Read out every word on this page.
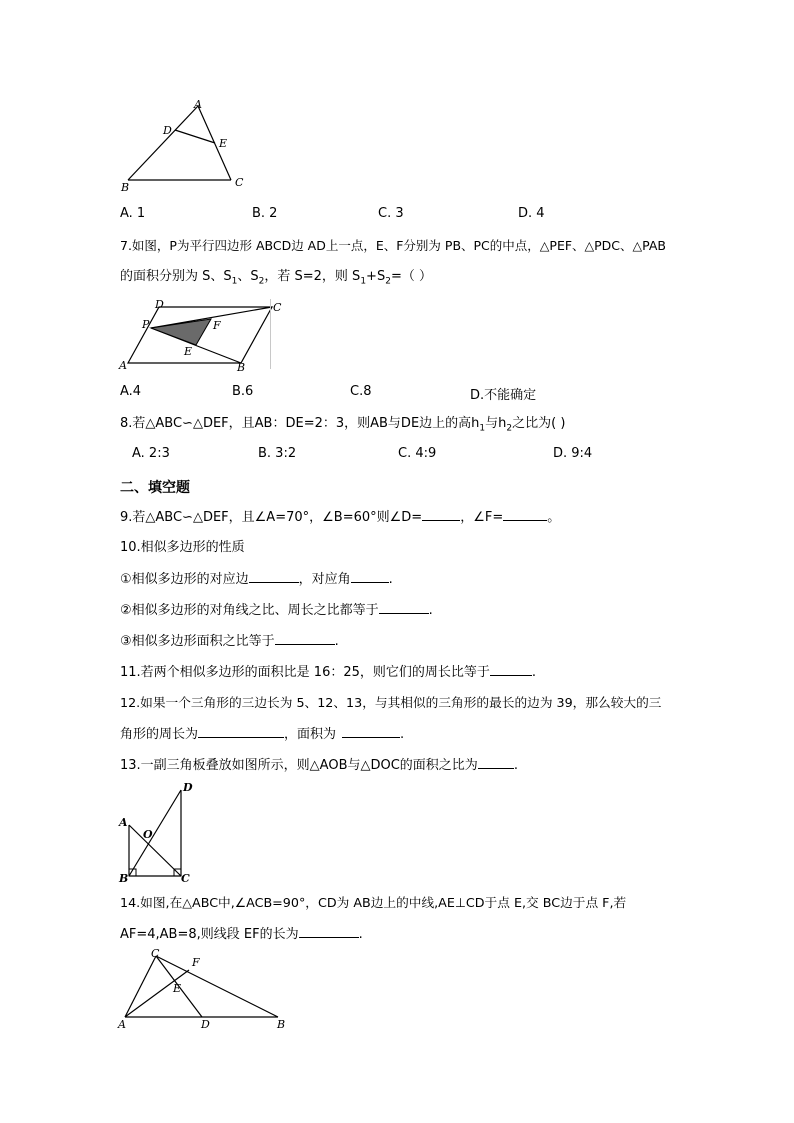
A
B	C
D
E
A. 1	B. 2	C. 3	D. 4
7.如图，P为平行四边形 ABCD边 AD上一点，E、F分别为 PB、PC的中点，△PEF、△PDC、△PAB
的面积分别为 S、$S_1$、$S_2$，若 S=2，则 $S_1+S_2=$（ ）
D	C
P	F
E
A	B
A.4	B.6	C.8	D.不能确定
8.若△ABC∽△DEF，且AB：DE=2：3，则AB与DE边上的高$h_1$与$h_2$之比为( )
A. 2:3	B. 3:2	C. 4:9	D. 9:4
二、填空题
9.若△ABC∽△DEF，且∠A=70°，∠B=60°则∠D=	，∠F=	。
10.相似多边形的性质
①相似多边形的对应边	，对应角	.
②相似多边形的对角线之比、周长之比都等于	.
③相似多边形面积之比等于	.
11.若两个相似多边形的面积比是 16：25，则它们的周长比等于	.
12.如果一个三角形的三边长为 5、12、13，与其相似的三角形的最长的边为 39，那么较大的三
角形的周长为	，面积为	.
13.一副三角板叠放如图所示，则△AOB与△DOC的面积之比为	.
D
A
O
B	C
14.如图,在△ABC中,∠ACB=90°，CD为 AB边上的中线,AE⊥CD于点 E,交 BC边于点 F,若
AF=4,AB=8,则线段 EF的长为	.
C
F
E
A	D	B
